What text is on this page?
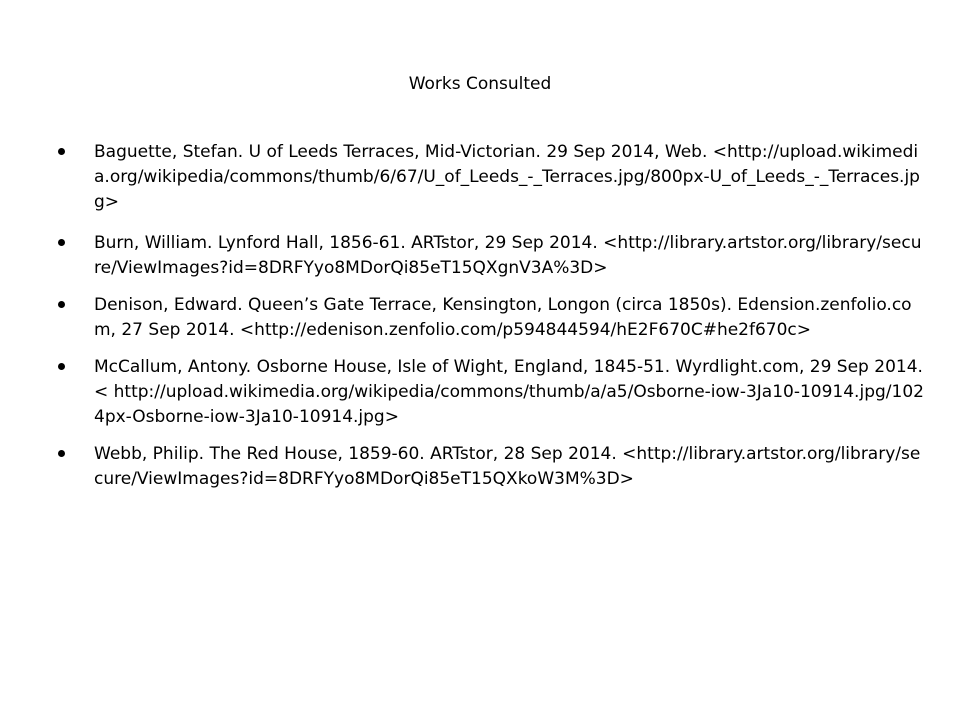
Works Consulted
Baguette, Stefan. U of Leeds Terraces, Mid-Victorian. 29 Sep 2014, Web. <http://upload.wikimedia.org/wikipedia/commons/thumb/6/67/U_of_Leeds_-_Terraces.jpg/800px-U_of_Leeds_-_Terraces.jpg>
Burn, William. Lynford Hall, 1856-61. ARTstor, 29 Sep 2014. <http://library.artstor.org/library/secure/ViewImages?id=8DRFYyo8MDorQi85eT15QXgnV3A%3D>
Denison, Edward. Queen’s Gate Terrace, Kensington, Longon (circa 1850s). Edension.zenfolio.com, 27 Sep 2014. <http://edenison.zenfolio.com/p594844594/hE2F670C#he2f670c>
McCallum, Antony. Osborne House, Isle of Wight, England, 1845-51. Wyrdlight.com, 29 Sep 2014. < http://upload.wikimedia.org/wikipedia/commons/thumb/a/a5/Osborne-iow-3Ja10-10914.jpg/1024px-Osborne-iow-3Ja10-10914.jpg>
Webb, Philip. The Red House, 1859-60. ARTstor, 28 Sep 2014. <http://library.artstor.org/library/secure/ViewImages?id=8DRFYyo8MDorQi85eT15QXkoW3M%3D>
